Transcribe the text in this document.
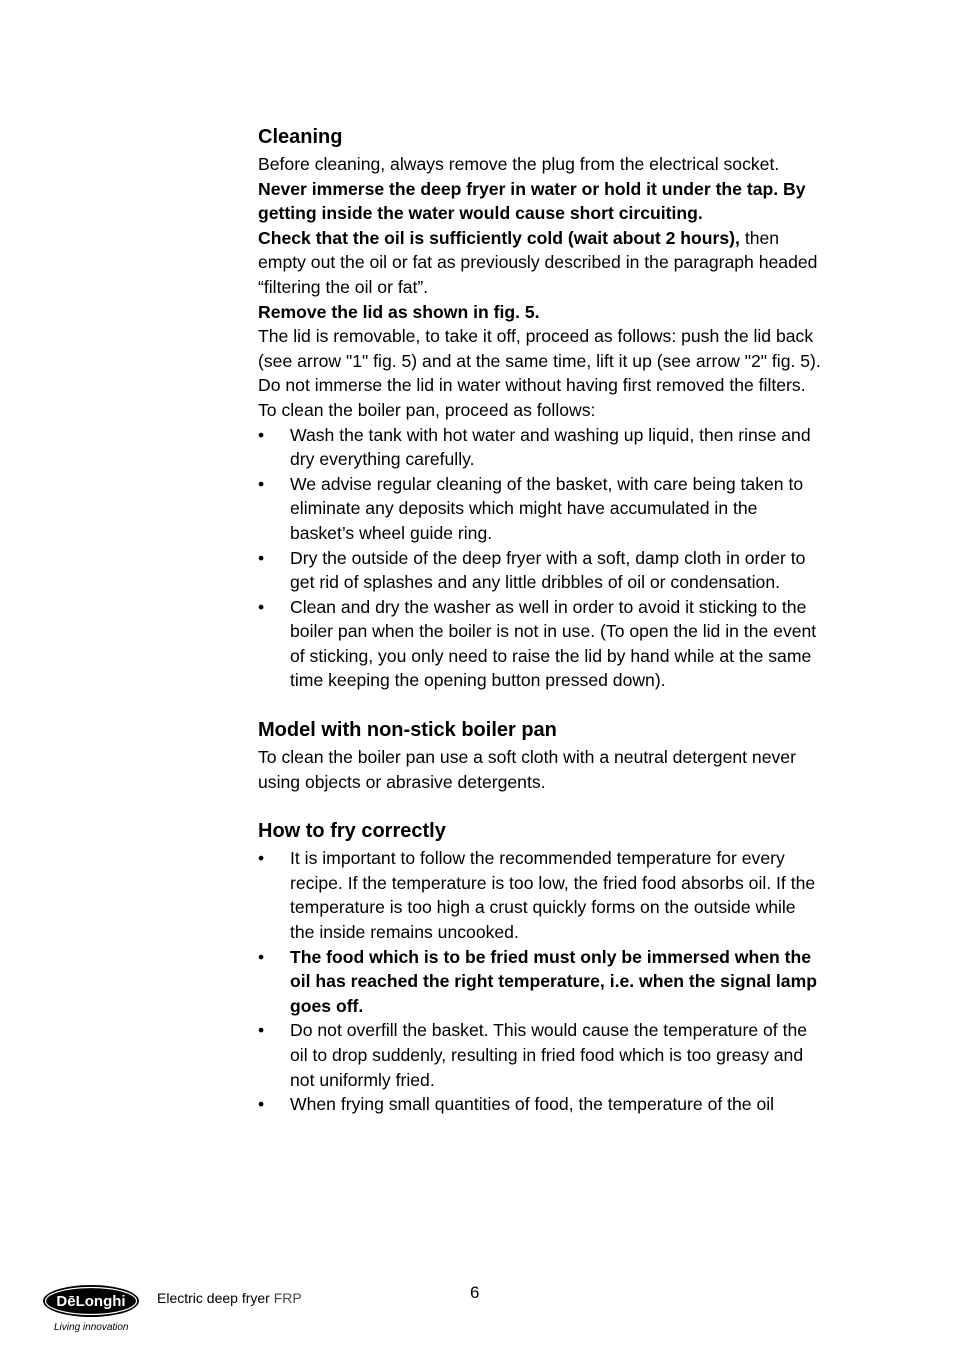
Cleaning

Before cleaning, always remove the plug from the electrical socket.

Never immerse the deep fryer in water or hold it under the tap. By getting inside the water would cause short circuiting.

Check that the oil is sufficiently cold (wait about 2 hours), then empty out the oil or fat as previously described in the paragraph headed “filtering the oil or fat”.

Remove the lid as shown in fig. 5.

The lid is removable, to take it off, proceed as follows: push the lid back (see arrow "1" fig. 5) and at the same time, lift it up (see arrow "2" fig. 5).

Do not immerse the lid in water without having first removed the filters.

To clean the boiler pan, proceed as follows:

• Wash the tank with hot water and washing up liquid, then rinse and dry everything carefully.
• We advise regular cleaning of the basket, with care being taken to eliminate any deposits which might have accumulated in the basket’s wheel guide ring.
• Dry the outside of the deep fryer with a soft, damp cloth in order to get rid of splashes and any little dribbles of oil or condensation.
• Clean and dry the washer as well in order to avoid it sticking to the boiler pan when the boiler is not in use. (To open the lid in the event of sticking, you only need to raise the lid by hand while at the same time keeping the opening button pressed down).
Model with non-stick boiler pan

To clean the boiler pan use a soft cloth with a neutral detergent never using objects or abrasive detergents.

How to fry correctly
• It is important to follow the recommended temperature for every recipe. If the temperature is too low, the fried food absorbs oil. If the temperature is too high a crust quickly forms on the outside while the inside remains uncooked.
• The food which is to be fried must only be immersed when the oil has reached the right temperature, i.e. when the signal lamp goes off.
• Do not overfill the basket. This would cause the temperature of the oil to drop suddenly, resulting in fried food which is too greasy and not uniformly fried.
• When frying small quantities of food, the temperature of the oil
DēLonghi
Living innovation
Electric deep fryer FRP	6
